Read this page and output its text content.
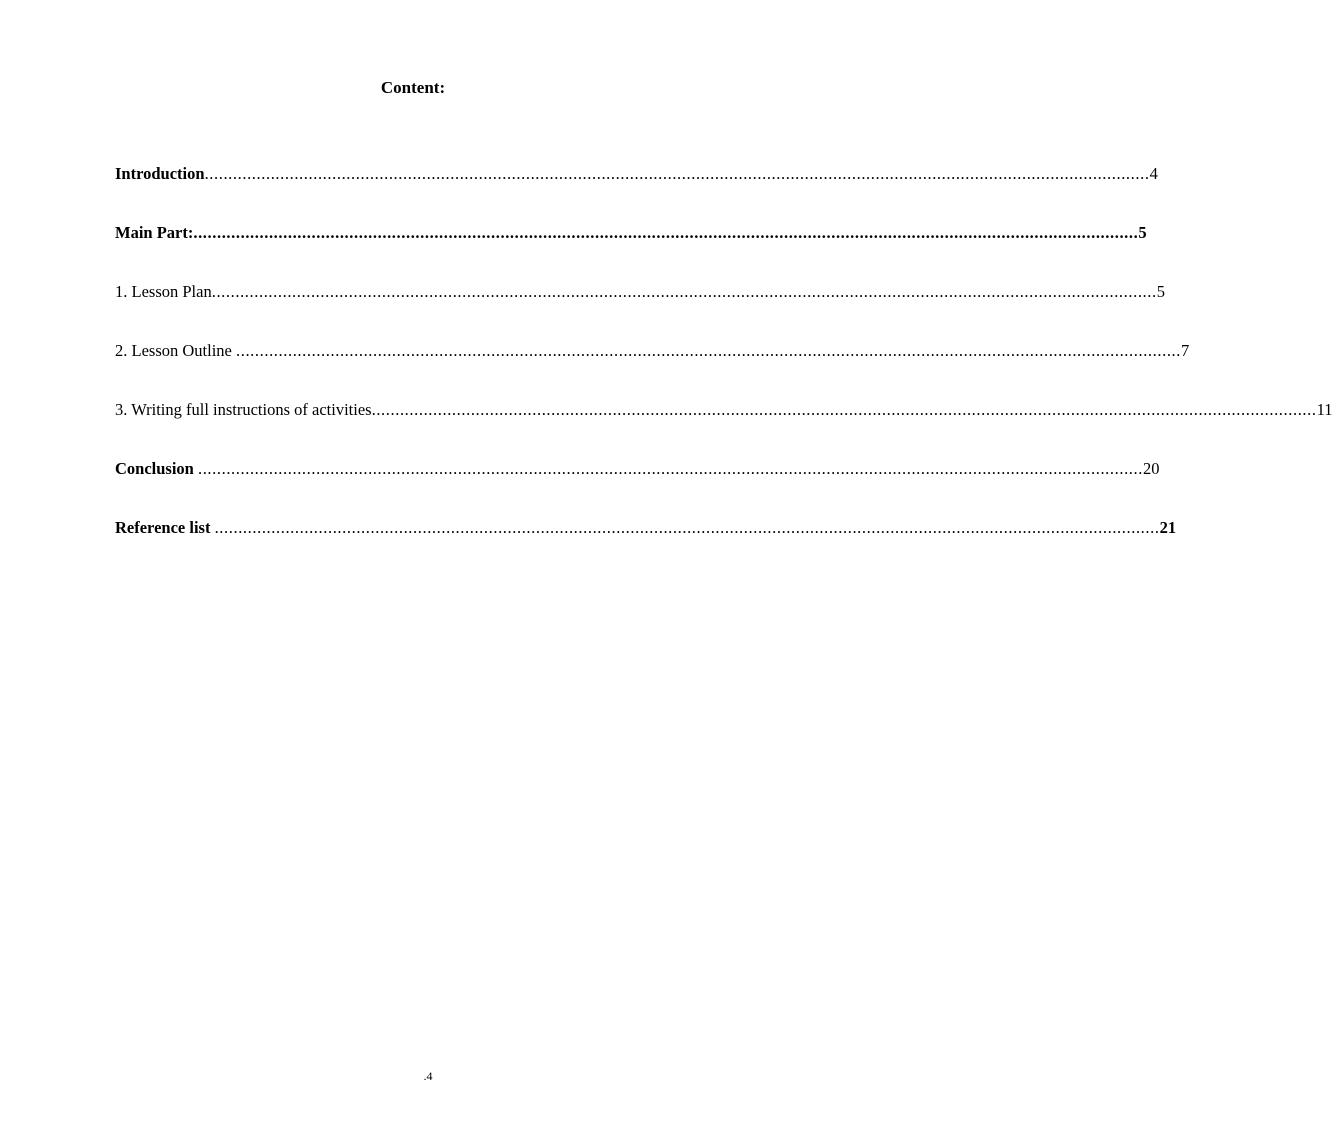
Content:
Introduction ........................................................................................................................................................................................................ 4
Main Part: ........................................................................................................................................................................................................ 5
1. Lesson Plan ........................................................................................................................................................................................................ 5
2. Lesson Outline ........................................................................................................................................................................................................ 7
3. Writing full instructions of activities ........................................................................................................................................................................................................ 11
Conclusion ........................................................................................................................................................................................................ 20
Reference list ........................................................................................................................................................................................................ 21
.4
